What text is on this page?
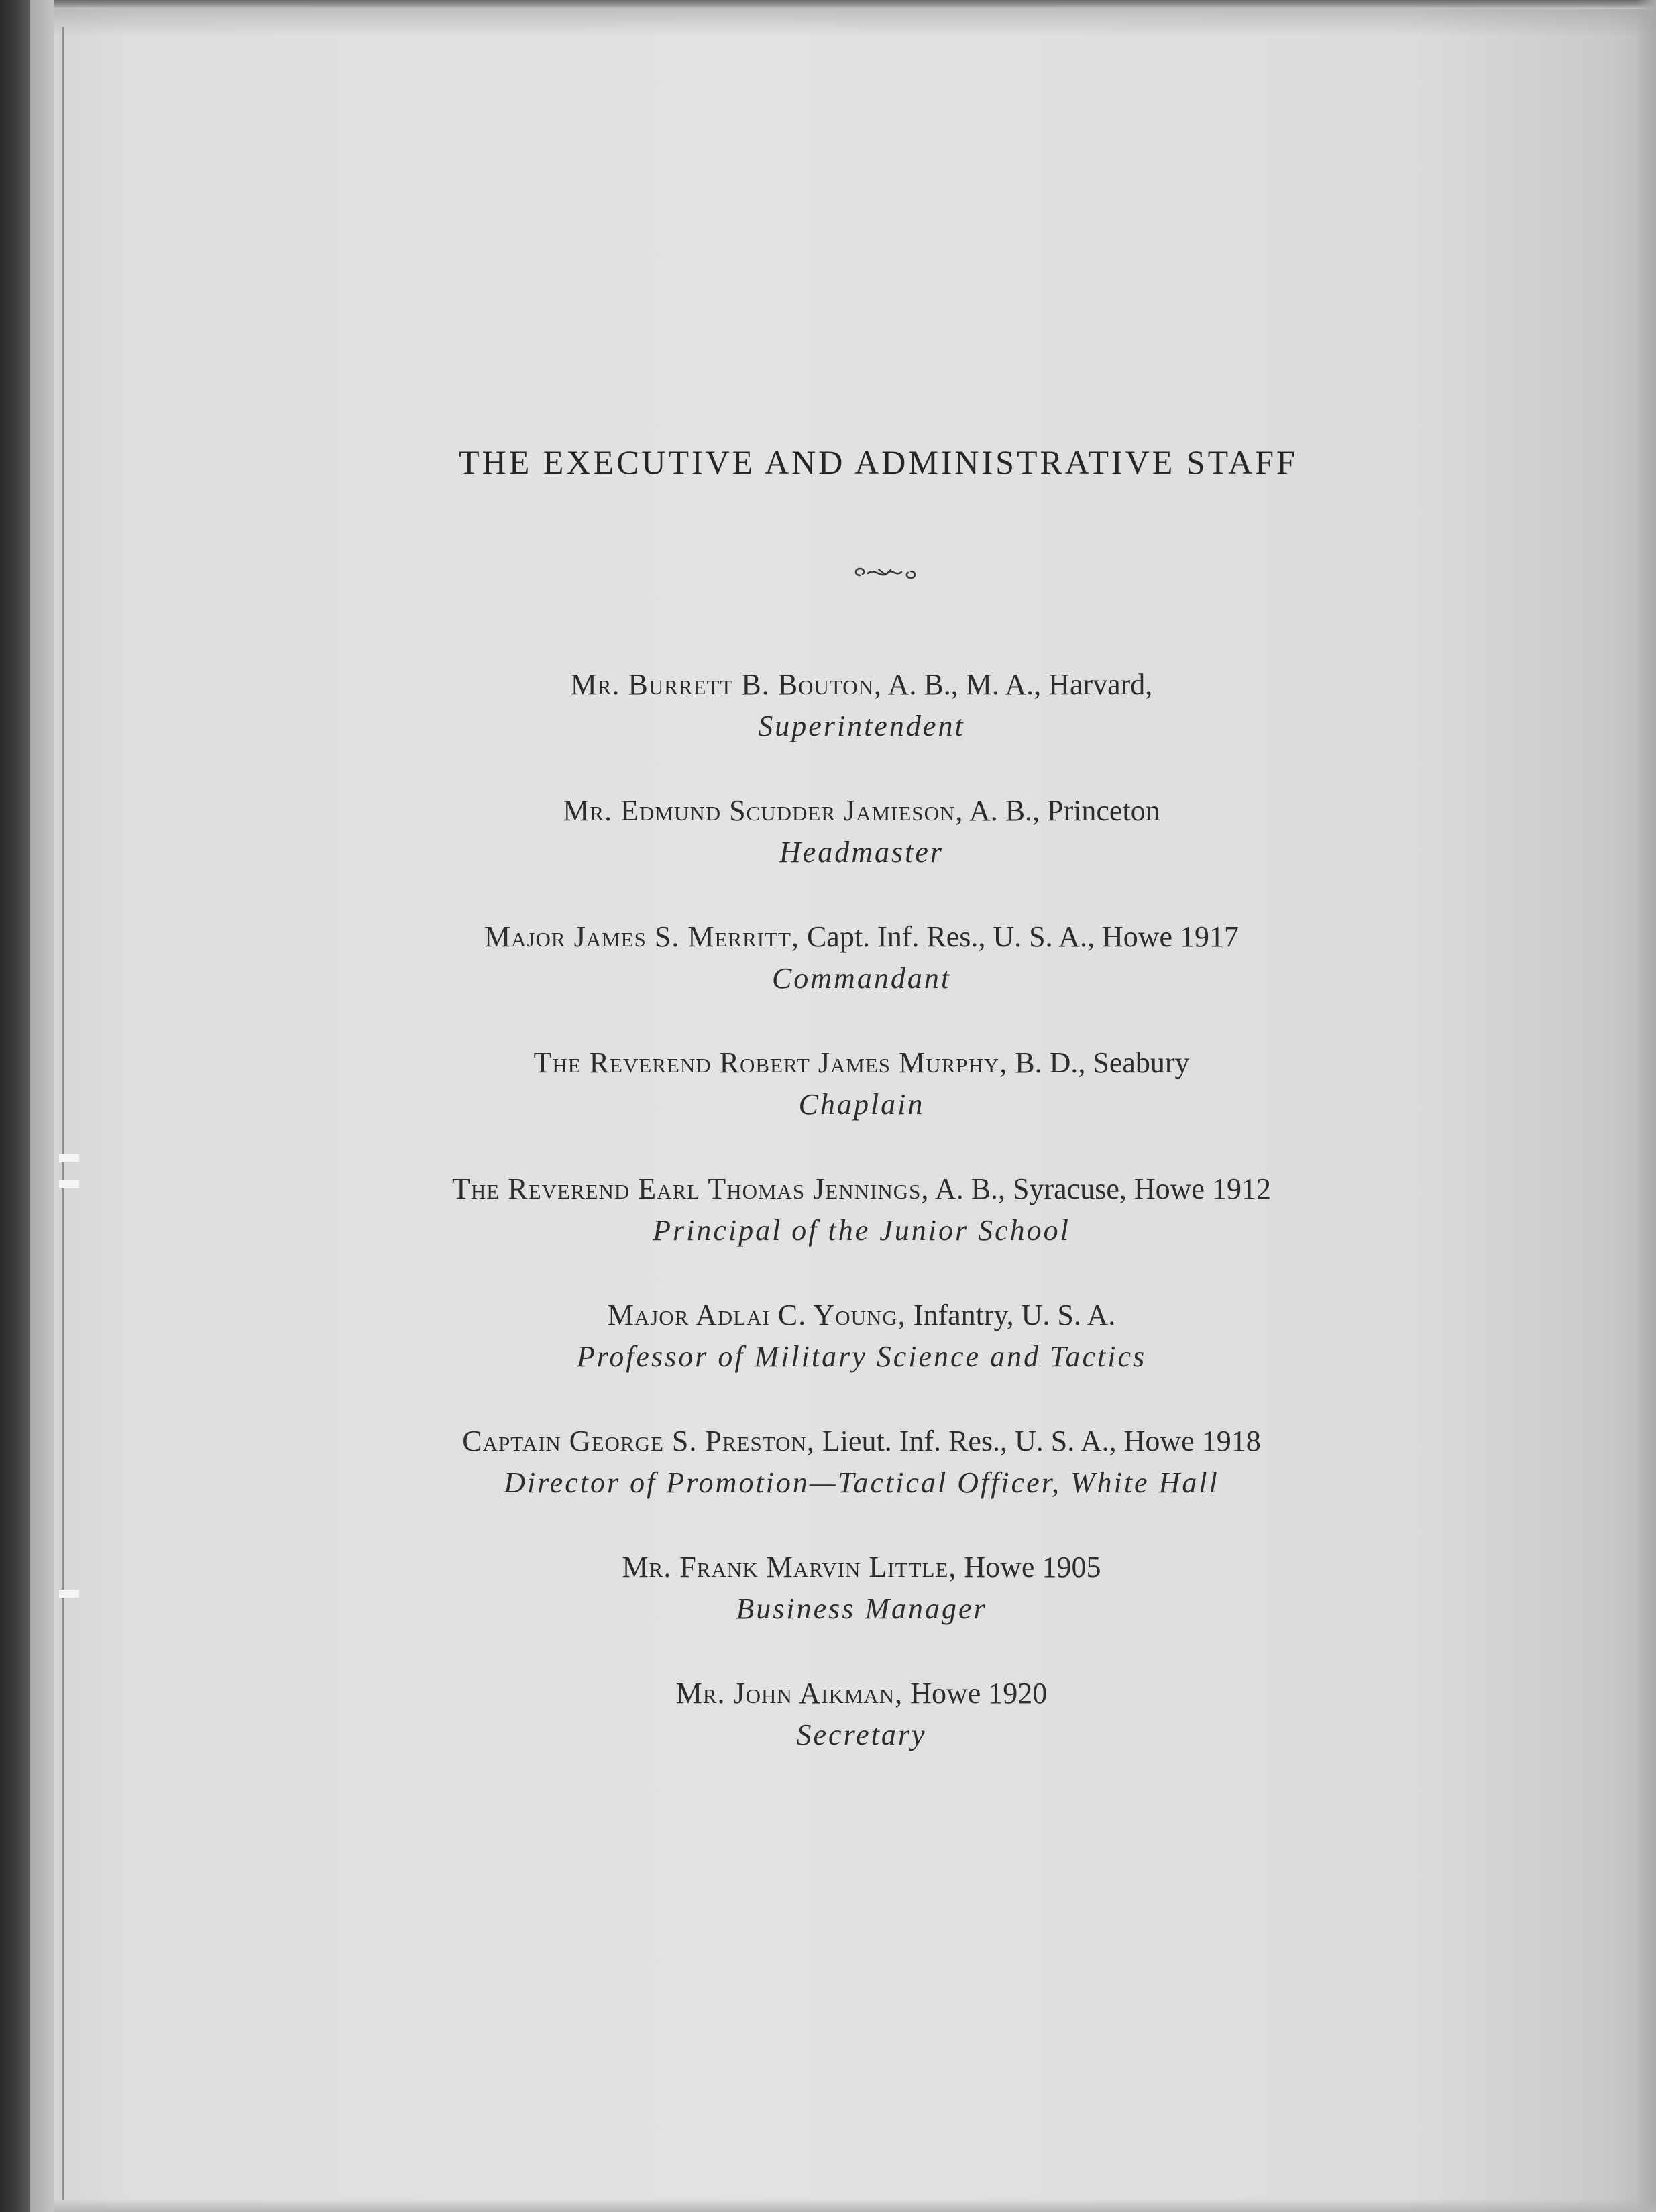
THE EXECUTIVE AND ADMINISTRATIVE STAFF
Mr. Burrett B. Bouton, A. B., M. A., Harvard,
Superintendent
Mr. Edmund Scudder Jamieson, A. B., Princeton
Headmaster
Major James S. Merritt, Capt. Inf. Res., U. S. A., Howe 1917
Commandant
The Reverend Robert James Murphy, B. D., Seabury
Chaplain
The Reverend Earl Thomas Jennings, A. B., Syracuse, Howe 1912
Principal of the Junior School
Major Adlai C. Young, Infantry, U. S. A.
Professor of Military Science and Tactics
Captain George S. Preston, Lieut. Inf. Res., U. S. A., Howe 1918
Director of Promotion—Tactical Officer, White Hall
Mr. Frank Marvin Little, Howe 1905
Business Manager
Mr. John Aikman, Howe 1920
Secretary
